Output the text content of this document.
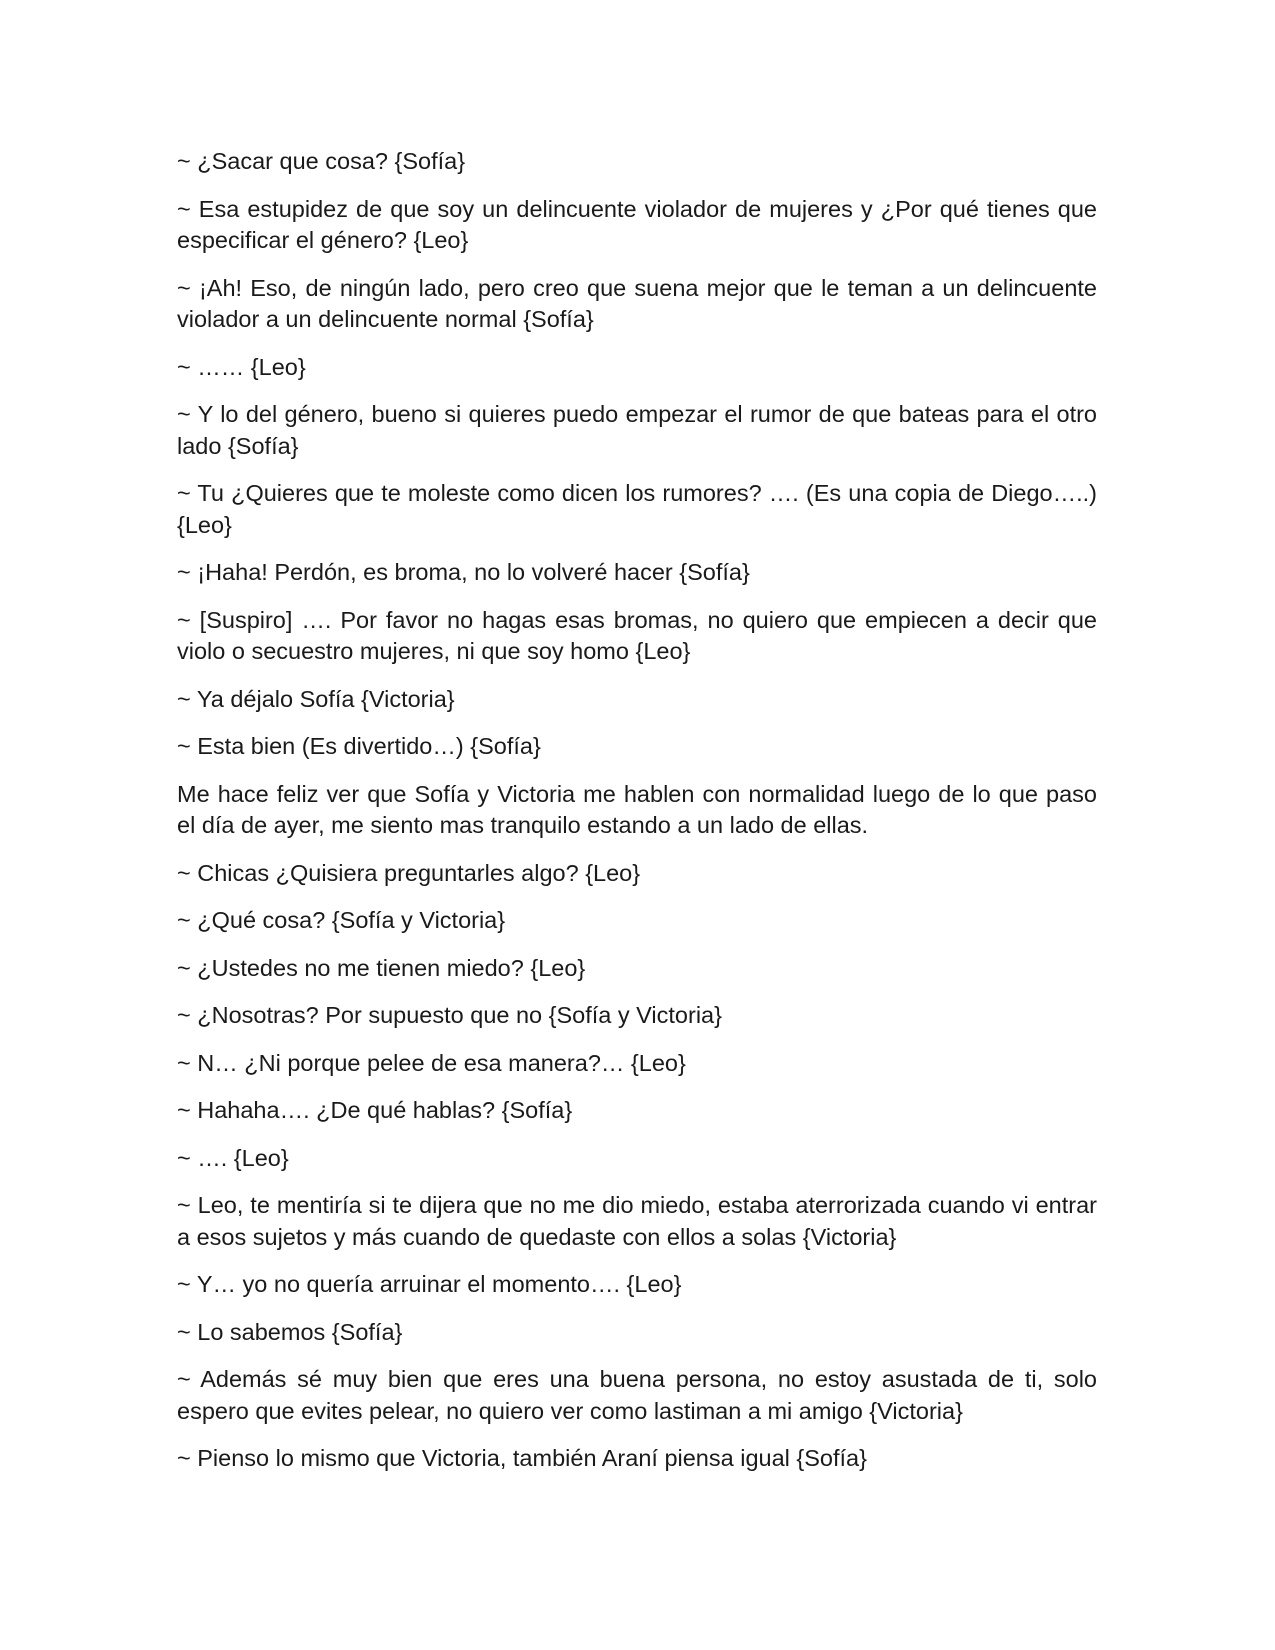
~ ¿Sacar que cosa? {Sofía}

~ Esa estupidez de que soy un delincuente violador de mujeres y ¿Por qué tienes que especificar el género? {Leo}

~ ¡Ah! Eso, de ningún lado, pero creo que suena mejor que le teman a un delincuente violador a un delincuente normal {Sofía}

~ …… {Leo}

~ Y lo del género, bueno si quieres puedo empezar el rumor de que bateas para el otro lado {Sofía}

~ Tu ¿Quieres que te moleste como dicen los rumores? …. (Es una copia de Diego…..) {Leo}

~ ¡Haha! Perdón, es broma, no lo volveré hacer {Sofía}

~ [Suspiro] …. Por favor no hagas esas bromas, no quiero que empiecen a decir que violo o secuestro mujeres, ni que soy homo {Leo}

~ Ya déjalo Sofía {Victoria}

~ Esta bien (Es divertido…) {Sofía}

Me hace feliz ver que Sofía y Victoria me hablen con normalidad luego de lo que paso el día de ayer, me siento mas tranquilo estando a un lado de ellas.

~ Chicas ¿Quisiera preguntarles algo? {Leo}

~ ¿Qué cosa? {Sofía y Victoria}

~ ¿Ustedes no me tienen miedo? {Leo}

~ ¿Nosotras? Por supuesto que no {Sofía y Victoria}

~ N… ¿Ni porque pelee de esa manera?… {Leo}

~ Hahaha…. ¿De qué hablas? {Sofía}

~ …. {Leo}

~ Leo, te mentiría si te dijera que no me dio miedo, estaba aterrorizada cuando vi entrar a esos sujetos y más cuando de quedaste con ellos a solas {Victoria}

~ Y… yo no quería arruinar el momento…. {Leo}

~ Lo sabemos {Sofía}

~ Además sé muy bien que eres una buena persona, no estoy asustada de ti, solo espero que evites pelear, no quiero ver como lastiman a mi amigo {Victoria}

~ Pienso lo mismo que Victoria, también Araní piensa igual {Sofía}
